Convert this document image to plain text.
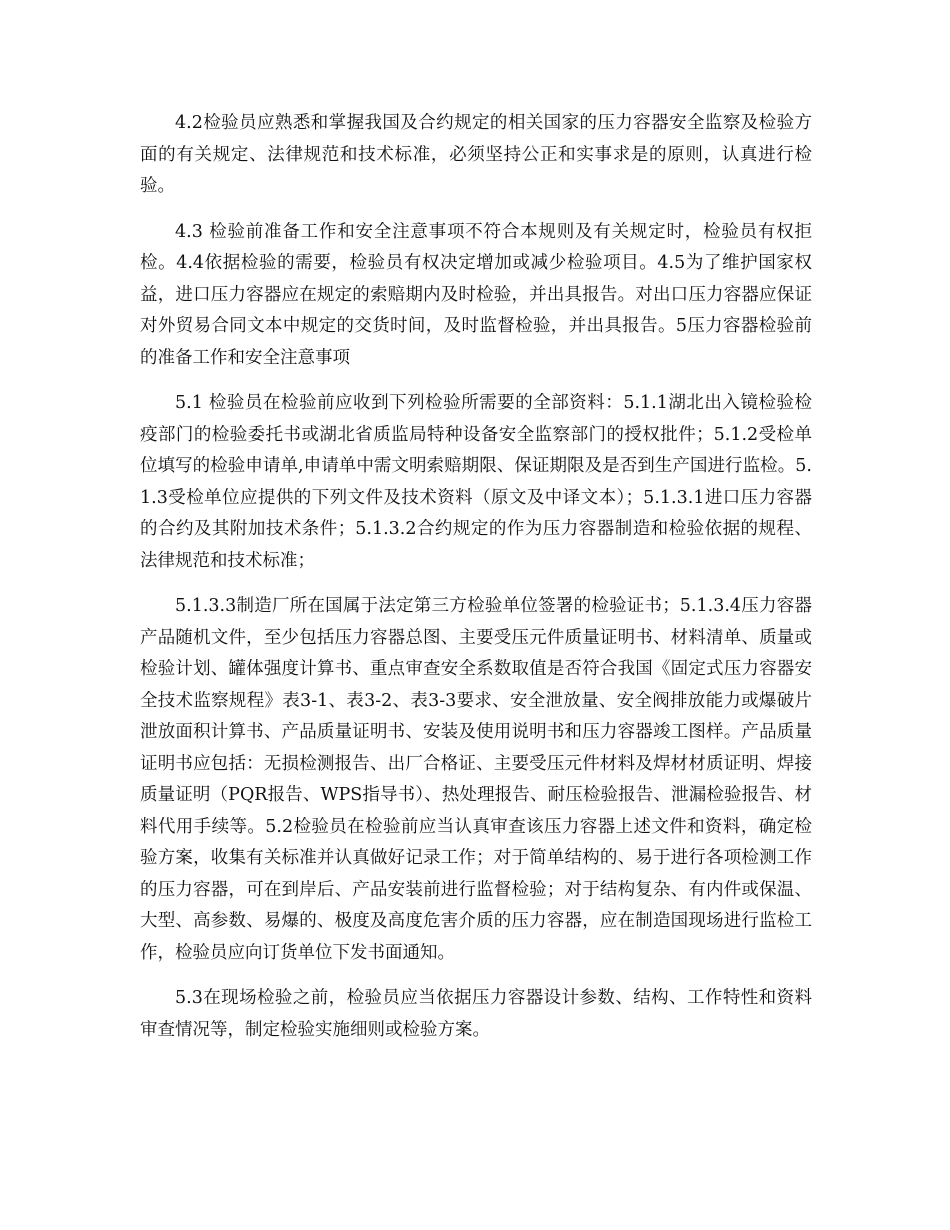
4.2检验员应熟悉和掌握我国及合约规定的相关国家的压力容器安全监察及检验方面的有关规定、法律规范和技术标准，必须坚持公正和实事求是的原则，认真进行检验。

4.3 检验前准备工作和安全注意事项不符合本规则及有关规定时，检验员有权拒检。4.4依据检验的需要，检验员有权决定增加或减少检验项目。4.5为了维护国家权益，进口压力容器应在规定的索赔期内及时检验，并出具报告。对出口压力容器应保证对外贸易合同文本中规定的交货时间，及时监督检验，并出具报告。5压力容器检验前的准备工作和安全注意事项

5.1 检验员在检验前应收到下列检验所需要的全部资料：5.1.1湖北出入镜检验检疫部门的检验委托书或湖北省质监局特种设备安全监察部门的授权批件；5.1.2受检单位填写的检验申请单,申请单中需文明索赔期限、保证期限及是否到生产国进行监检。5.1.3受检单位应提供的下列文件及技术资料（原文及中译文本）；5.1.3.1进口压力容器的合约及其附加技术条件；5.1.3.2合约规定的作为压力容器制造和检验依据的规程、法律规范和技术标准；

5.1.3.3制造厂所在国属于法定第三方检验单位签署的检验证书；5.1.3.4压力容器产品随机文件，至少包括压力容器总图、主要受压元件质量证明书、材料清单、质量或检验计划、罐体强度计算书、重点审查安全系数取值是否符合我国《固定式压力容器安全技术监察规程》表3-1、表3-2、表3-3要求、安全泄放量、安全阀排放能力或爆破片泄放面积计算书、产品质量证明书、安装及使用说明书和压力容器竣工图样。产品质量证明书应包括：无损检测报告、出厂合格证、主要受压元件材料及焊材材质证明、焊接质量证明（PQR报告、WPS指导书）、热处理报告、耐压检验报告、泄漏检验报告、材料代用手续等。5.2检验员在检验前应当认真审查该压力容器上述文件和资料，确定检验方案，收集有关标准并认真做好记录工作；对于简单结构的、易于进行各项检测工作的压力容器，可在到岸后、产品安装前进行监督检验；对于结构复杂、有内件或保温、大型、高参数、易爆的、极度及高度危害介质的压力容器，应在制造国现场进行监检工作，检验员应向订货单位下发书面通知。

5.3在现场检验之前，检验员应当依据压力容器设计参数、结构、工作特性和资料审查情况等，制定检验实施细则或检验方案。
